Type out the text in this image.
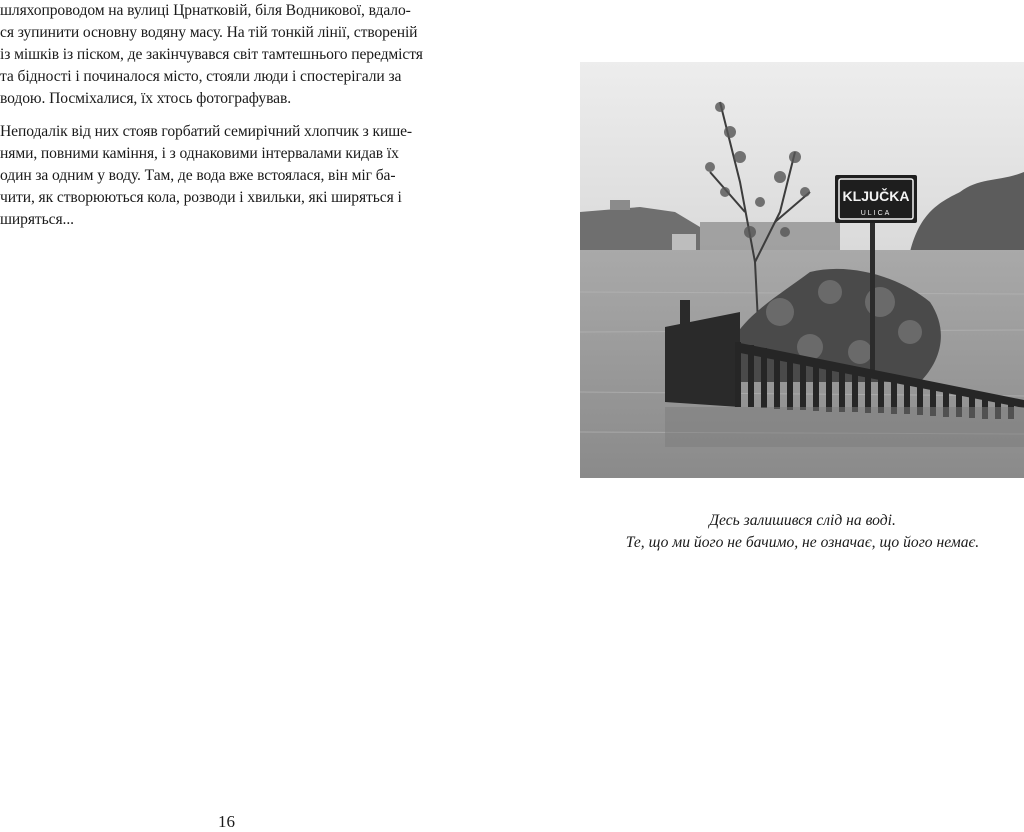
шляхопроводом на вулиці Црнатковій, біля Водникової, вдало-
ся зупинити основну водяну масу. На тій тонкій лінії, створеній
із мішків із піском, де закінчувався світ тамтешнього передмістя
та бідності і починалося місто, стояли люди і спостерігали за
водою. Посміхалися, їх хтось фотографував.

Неподалік від них стояв горбатий семирічний хлопчик з кише-
нями, повними каміння, і з однаковими інтервалами кидав їх
один за одним у воду. Там, де вода вже встоялася, він міг ба-
чити, як створюються кола, розводи і хвильки, які ширяться і
ширяться...

16
KLJUČKA
ULICA
Десь залишився слід на воді.
Те, що ми його не бачимо, не означає, що його немає.
